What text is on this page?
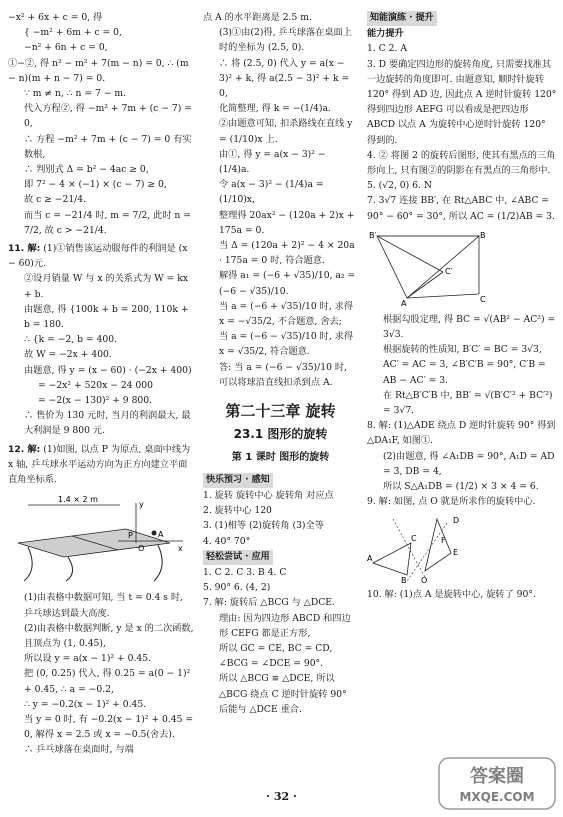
−x² + 6x + c = 0, 得
{ −m² + 6m + c = 0,
−n² + 6n + c = 0,
①−②, 得 n² − m² + 7(m − n) = 0, ∴ (m − n)(m + n − 7) = 0.
∵ m ≠ n, ∴ n = 7 − m.
代入方程②, 得 −m² + 7m + (c − 7) = 0,
∴ 方程 −m² + 7m + (c − 7) = 0 有实数根,
∴ 判别式 Δ = b² − 4ac ≥ 0,
即 7² − 4 × (−1) × (c − 7) ≥ 0,
故 c ≥ −21/4.
而当 c = −21/4 时, m = 7/2, 此时 n = 7/2, 故 c > −21/4.
11. 解: (1)①销售该运动服每件的利润是 (x − 60)元.
②设月销量 W 与 x 的关系式为 W = kx + b.
由题意, 得 {100k + b = 200, 110k + b = 180.
∴ {k = −2, b = 400.
故 W = −2x + 400.
由题意, 得 y = (x − 60) · (−2x + 400)
= −2x² + 520x − 24 000
= −2(x − 130)² + 9 800.
∴ 售价为 130 元时, 当月的利润最大, 最大利润是 9 800 元.
12. 解: (1)如图, 以点 P 为原点, 桌面中线为 x 轴, 乒乓球水平运动方向为正方向建立平面直角坐标系.
1.4 × 2 m
y
P	A
O	x
(1)由表格中数据可知, 当 t = 0.4 s 时, 乒乓球达到最大高度.
(2)由表格中数据判断, y 是 x 的二次函数, 且顶点为 (1, 0.45),
所以设 y = a(x − 1)² + 0.45.
把 (0, 0.25) 代入, 得 0.25 = a(0 − 1)² + 0.45, ∴ a = −0.2,
∴ y = −0.2(x − 1)² + 0.45.
当 y = 0 时, 有 −0.2(x − 1)² + 0.45 = 0, 解得 x = 2.5 或 x = −0.5(舍去).
∴ 乒乓球落在桌面时, 与端
点 A 的水平距离是 2.5 m.
(3)①由(2)得, 乒乓球落在桌面上时的坐标为 (2.5, 0).
∴ 将 (2.5, 0) 代入 y = a(x − 3)² + k, 得 a(2.5 − 3)² + k = 0,
化简整理, 得 k = −(1/4)a.
②由题意可知, 扣杀路线在直线 y = (1/10)x 上.
由①, 得 y = a(x − 3)² − (1/4)a.
令 a(x − 3)² − (1/4)a = (1/10)x,
整理得 20ax² − (120a + 2)x + 175a = 0.
当 Δ = (120a + 2)² − 4 × 20a · 175a = 0 时, 符合题意.
解得 a₁ = (−6 + √35)/10, a₂ = (−6 − √35)/10.
当 a = (−6 + √35)/10 时, 求得 x = −√35/2, 不合题意, 舍去;
当 a = (−6 − √35)/10 时, 求得 x = √35/2, 符合题意.
答: 当 a = (−6 − √35)/10 时, 可以将球沿直线扣杀到点 A.
第二十三章 旋转
23.1 图形的旋转
第 1 课时 图形的旋转
快乐预习 · 感知
1. 旋转 旋转中心 旋转角 对应点
2. 旋转中心 120
3. (1)相等 (2)旋转角 (3)全等
4. 40° 70°
轻松尝试 · 应用
1. C 2. C 3. B 4. C
5. 90° 6. (4, 2)
7. 解: 旋转后 △BCG 与 △DCE.
理由: 因为四边形 ABCD 和四边形 CEFG 都是正方形,
所以 GC = CE, BC = CD, ∠BCG = ∠DCE = 90°.
所以 △BCG ≌ △DCE, 所以 △BCG 绕点 C 逆时针旋转 90° 后能与 △DCE 重合.
知能演练 · 提升
能力提升
1. C 2. A
3. D 要确定四边形的旋转角度, 只需要找准其一边旋转的角度即可. 由题意知, 顺时针旋转 120° 得到 AD 边, 因此点 A 逆时针旋转 120° 得到四边形 AEFG 可以看成是把四边形 ABCD 以点 A 为旋转中心逆时针旋转 120° 得到的.
4. ② 将图 2 的旋转后图形, 使其有黑点的三角形向上, 只有图②的阴影在有黑点的三角形中.
5. (√2, 0) 6. N
7. 3√7 连接 BB′, 在 Rt△ABC 中, ∠ABC = 90° − 60° = 30°, 所以 AC = (1/2)AB = 3.
B′	B
C′
A	C
根据勾股定理, 得 BC = √(AB² − AC²) = 3√3.
根据旋转的性质知, B′C′ = BC = 3√3, AC′ = AC = 3, ∠B′C′B = 90°, C′B = AB − AC′ = 3.
在 Rt△B′C′B 中, BB′ = √(B′C′² + BC′²) = 3√7.
8. 解: (1)△ADE 绕点 D 逆时针旋转 90° 得到 △DA₁F, 如图①.
(2)由题意, 得 ∠A₁DB = 90°, A₁D = AD = 3, DB = 4,
所以 S△A₁DB = (1/2) × 3 × 4 = 6.
9. 解: 如图, 点 O 就是所求作的旋转中心.
D
A
C
B O
E
F
10. 解: (1)点 A 是旋转中心, 旋转了 90°.
· 32 ·
答案圈
MXQE.COM
